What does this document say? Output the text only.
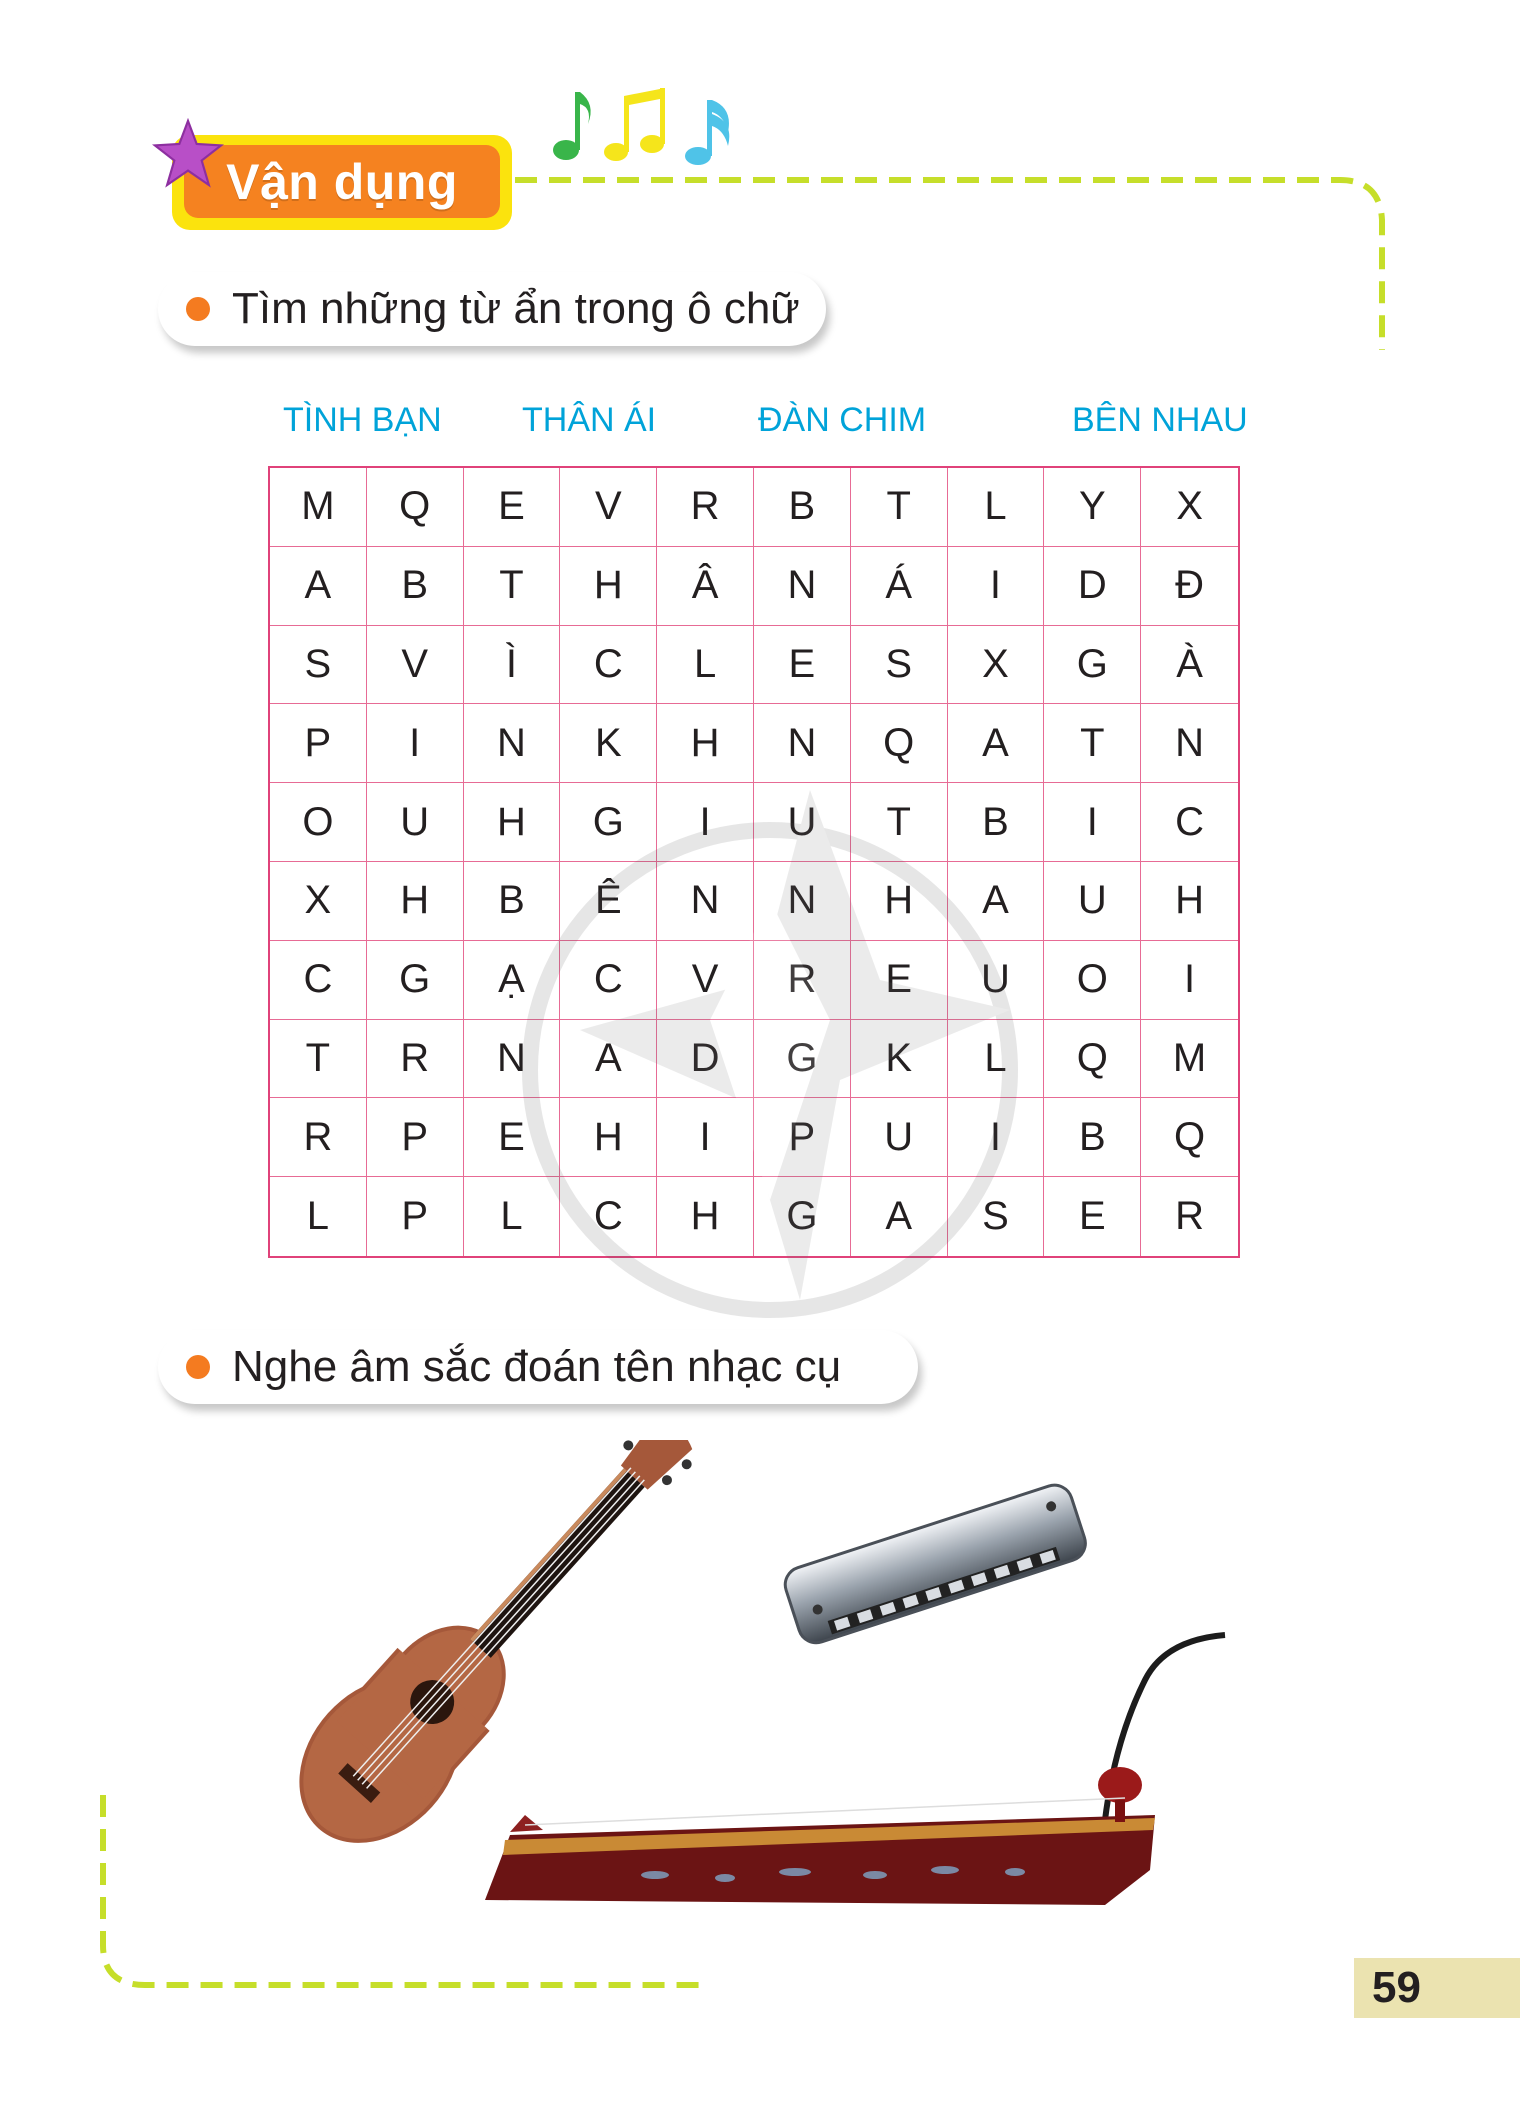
Vận dụng
Tìm những từ ẩn trong ô chữ
TÌNH BẠN THÂN ÁI	ĐÀN CHIM	BÊN NHAU
M	Q	E	V	R	B	T	L	Y	X
A	B	T	H	Â	N	Á	I	D	Đ
S	V	Ì	C	L	E	S	X	G	À
P	I	N	K	H	N	Q	A	T	N
O	U	H	G	I	U	T	B	I	C
X	H	B	Ê	N	N	H	A	U	H
C	G	Ạ	C	V	R	E	U	O	I
T	R	N	A	D	G	K	L	Q	M
R	P	E	H	I	P	U	I	B	Q
L	P	L	C	H	G	A	S	E	R
Nghe âm sắc đoán tên nhạc cụ
59
